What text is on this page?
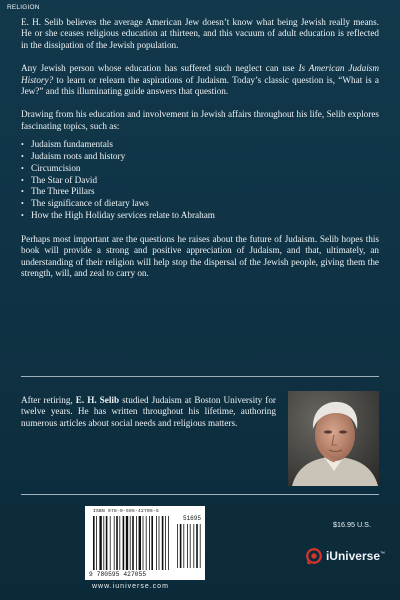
RELIGION

E. H. Selib believes the average American Jew doesn’t know what being Jewish really means. He or she ceases religious education at thirteen, and this vacuum of adult education is reflected in the dissipation of the Jewish population.

Any Jewish person whose education has suffered such neglect can use Is American Judaism History? to learn or relearn the aspirations of Judaism. Today’s classic question is, “What is a Jew?” and this illuminating guide answers that question.

Drawing from his education and involvement in Jewish affairs throughout his life, Selib explores fascinating topics, such as:

• Judaism fundamentals
• Judaism roots and history
• Circumcision
• The Star of David
• The Three Pillars
• The significance of dietary laws
• How the High Holiday services relate to Abraham

Perhaps most important are the questions he raises about the future of Judaism. Selib hopes this book will provide a strong and positive appreciation of Judaism, and that, ultimately, an understanding of their religion will help stop the dispersal of the Jewish people, giving them the strength, will, and zeal to carry on.

After retiring, E. H. Selib studied Judaism at Boston University for twelve years. He has written throughout his lifetime, authoring numerous articles about social needs and religious matters.

ISBN 978-0-595-42705-5
51695
9 780595 427055
www.iuniverse.com
$16.95 U.S.
iUniverse™
